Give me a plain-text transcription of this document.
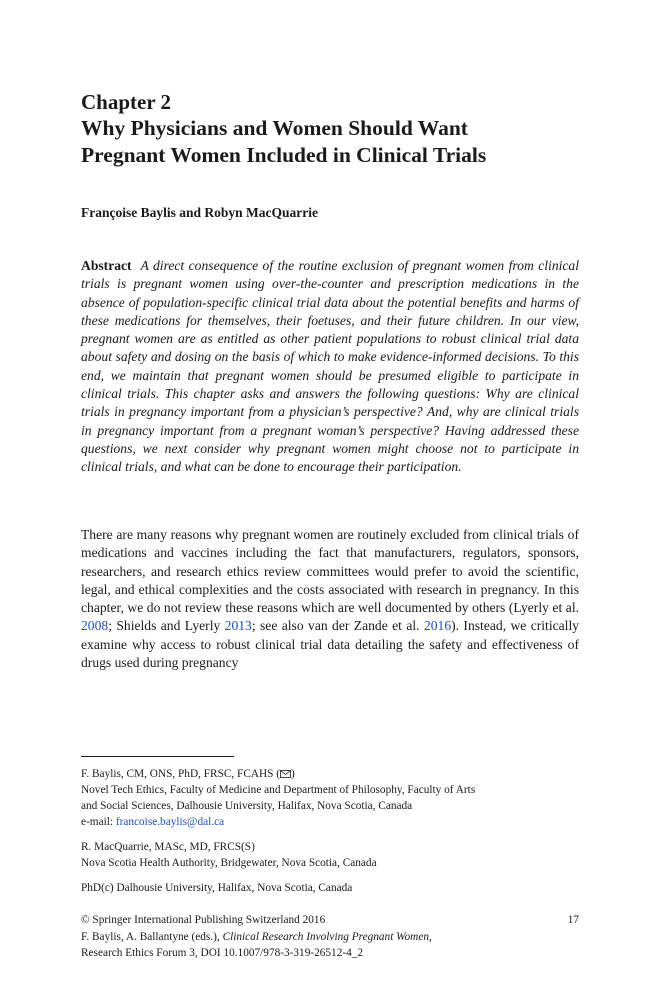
Chapter 2
Why Physicians and Women Should Want
Pregnant Women Included in Clinical Trials
Françoise Baylis and Robyn MacQuarrie

Abstract A direct consequence of the routine exclusion of pregnant women from clinical trials is pregnant women using over-the-counter and prescription medications in the absence of population-specific clinical trial data about the potential benefits and harms of these medications for themselves, their foetuses, and their future children. In our view, pregnant women are as entitled as other patient populations to robust clinical trial data about safety and dosing on the basis of which to make evidence-informed decisions. To this end, we maintain that pregnant women should be presumed eligible to participate in clinical trials. This chapter asks and answers the following questions: Why are clinical trials in pregnancy important from a physician’s perspective? And, why are clinical trials in pregnancy important from a pregnant woman’s perspective? Having addressed these questions, we next consider why pregnant women might choose not to participate in clinical trials, and what can be done to encourage their participation.

There are many reasons why pregnant women are routinely excluded from clinical trials of medications and vaccines including the fact that manufacturers, regulators, sponsors, researchers, and research ethics review committees would prefer to avoid the scientific, legal, and ethical complexities and the costs associated with research in pregnancy. In this chapter, we do not review these reasons which are well documented by others (Lyerly et al. 2008; Shields and Lyerly 2013; see also van der Zande et al. 2016). Instead, we critically examine why access to robust clinical trial data detailing the safety and effectiveness of drugs used during pregnancy

F. Baylis, CM, ONS, PhD, FRSC, FCAHS ( )
Novel Tech Ethics, Faculty of Medicine and Department of Philosophy, Faculty of Arts
and Social Sciences, Dalhousie University, Halifax, Nova Scotia, Canada
e-mail: francoise.baylis@dal.ca
R. MacQuarrie, MASc, MD, FRCS(S)
Nova Scotia Health Authority, Bridgewater, Nova Scotia, Canada
PhD(c) Dalhousie University, Halifax, Nova Scotia, Canada
© Springer International Publishing Switzerland 2016
F. Baylis, A. Ballantyne (eds.), Clinical Research Involving Pregnant Women,
Research Ethics Forum 3, DOI 10.1007/978-3-319-26512-4_2
17
